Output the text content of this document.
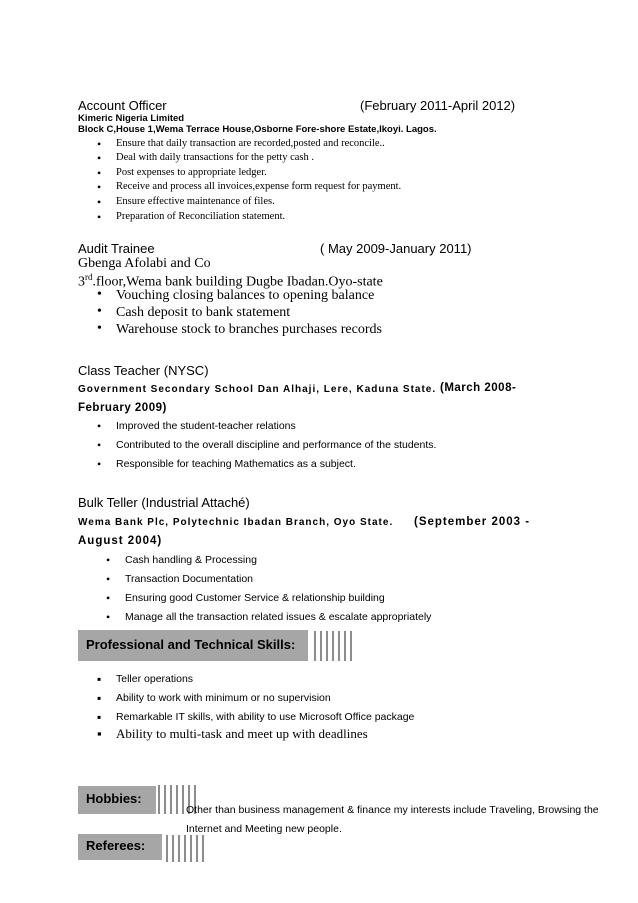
Account Officer	(February 2011-April 2012)
Kimeric Nigeria Limited
Block C,House 1,Wema Terrace House,Osborne Fore-shore Estate,Ikoyi. Lagos.
• Ensure that daily transaction are recorded,posted and reconcile..
• Deal with daily transactions for the petty cash .
• Post expenses to appropriate ledger.
• Receive and process all invoices,expense form request for payment.
• Ensure effective maintenance of files.
• Preparation of Reconciliation statement.
Audit Trainee	( May 2009-January 2011)
Gbenga Afolabi and Co
3rd.floor,Wema bank building Dugbe Ibadan.Oyo-state
• Vouching closing balances to opening balance
• Cash deposit to bank statement
• Warehouse stock to branches purchases records
Class Teacher (NYSC)
Government Secondary School Dan Alhaji, Lere, Kaduna State. (March 2008-
February 2009)
• Improved the student-teacher relations
• Contributed to the overall discipline and performance of the students.
• Responsible for teaching Mathematics as a subject.
Bulk Teller (Industrial Attaché)
Wema Bank Plc, Polytechnic Ibadan Branch, Oyo State. (September 2003 -
August 2004)
• Cash handling & Processing
• Transaction Documentation
• Ensuring good Customer Service & relationship building
• Manage all the transaction related issues & escalate appropriately
Professional and Technical Skills:
▪ Teller operations
▪ Ability to work with minimum or no supervision
▪ Remarkable IT skills, with ability to use Microsoft Office package
▪ Ability to multi-task and meet up with deadlines
Hobbies:
Other than business management & finance my interests include Traveling, Browsing the
Internet and Meeting new people.
Referees:
